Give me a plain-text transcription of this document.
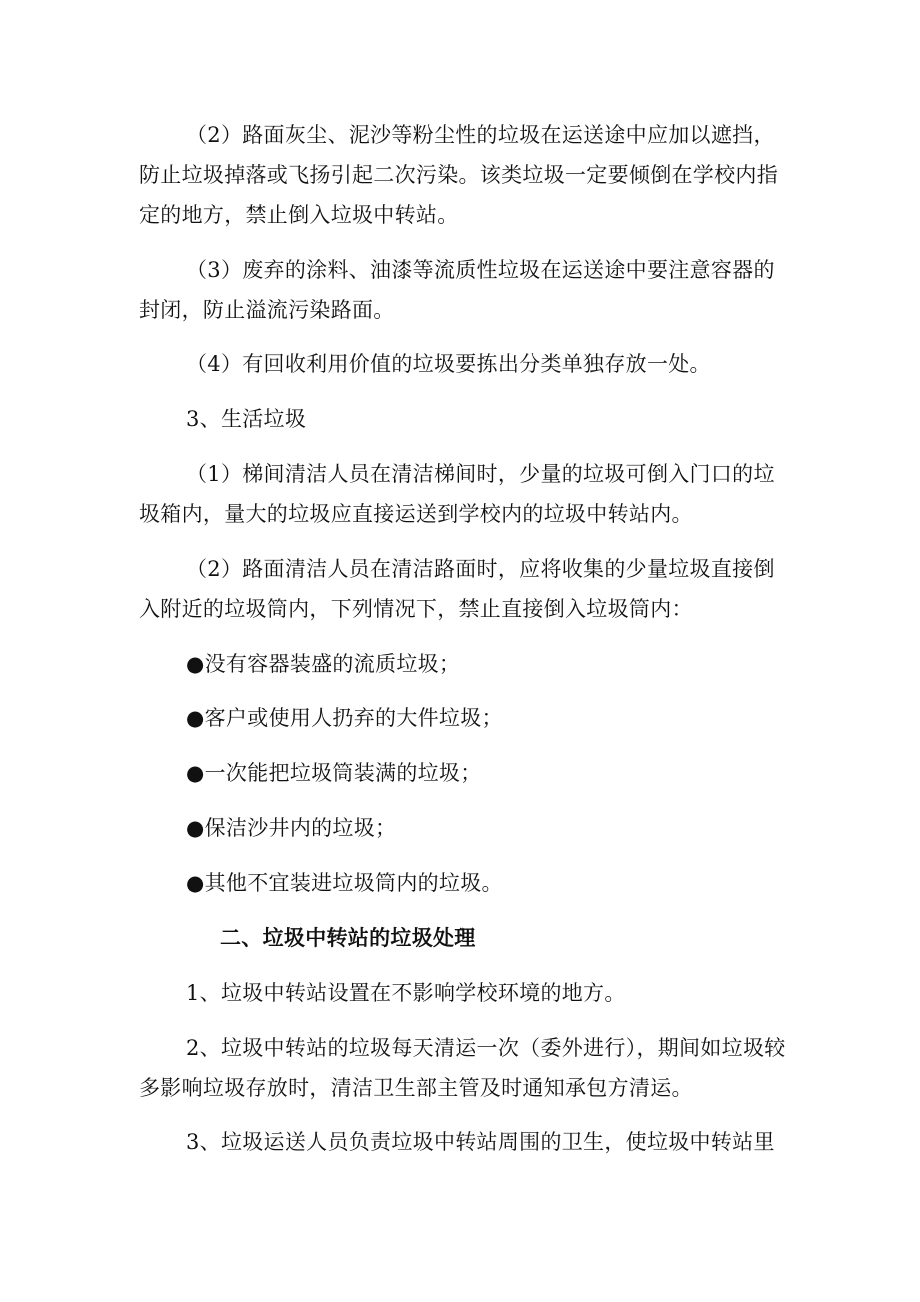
（2）路面灰尘、泥沙等粉尘性的垃圾在运送途中应加以遮挡，
防止垃圾掉落或飞扬引起二次污染。该类垃圾一定要倾倒在学校内指
定的地方，禁止倒入垃圾中转站。
（3）废弃的涂料、油漆等流质性垃圾在运送途中要注意容器的
封闭，防止溢流污染路面。
（4）有回收利用价值的垃圾要拣出分类单独存放一处。
3、生活垃圾
（1）梯间清洁人员在清洁梯间时，少量的垃圾可倒入门口的垃
圾箱内，量大的垃圾应直接运送到学校内的垃圾中转站内。
（2）路面清洁人员在清洁路面时，应将收集的少量垃圾直接倒
入附近的垃圾筒内，下列情况下，禁止直接倒入垃圾筒内：
●没有容器装盛的流质垃圾；
●客户或使用人扔弃的大件垃圾；
●一次能把垃圾筒装满的垃圾；
●保洁沙井内的垃圾；
●其他不宜装进垃圾筒内的垃圾。
二、垃圾中转站的垃圾处理
1、垃圾中转站设置在不影响学校环境的地方。
2、垃圾中转站的垃圾每天清运一次（委外进行），期间如垃圾较
多影响垃圾存放时，清洁卫生部主管及时通知承包方清运。
3、垃圾运送人员负责垃圾中转站周围的卫生，使垃圾中转站里
